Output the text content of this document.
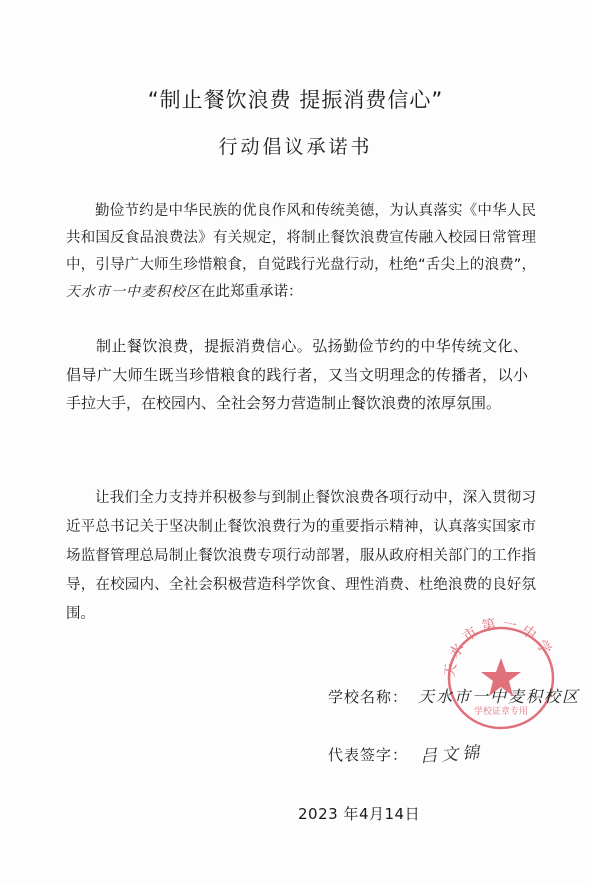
“制止餐饮浪费 提振消费信心”
行动倡议承诺书
勤俭节约是中华民族的优良作风和传统美德，为认真落实《中华人民共和国反食品浪费法》有关规定，将制止餐饮浪费宣传融入校园日常管理中，引导广大师生珍惜粮食，自觉践行光盘行动，杜绝“舌尖上的浪费”，天水市一中麦积校区在此郑重承诺：
制止餐饮浪费，提振消费信心。弘扬勤俭节约的中华传统文化、倡导广大师生既当珍惜粮食的践行者，又当文明理念的传播者，以小手拉大手，在校园内、全社会努力营造制止餐饮浪费的浓厚氛围。
让我们全力支持并积极参与到制止餐饮浪费各项行动中，深入贯彻习近平总书记关于坚决制止餐饮浪费行为的重要指示精神，认真落实国家市场监督管理总局制止餐饮浪费专项行动部署，服从政府相关部门的工作指导，在校园内、全社会积极营造科学饮食、理性消费、杜绝浪费的良好氛围。
天水市第一中学
学校证章专用
学校名称： 天水市一中麦积校区
代表签字： 吕文锦
2023 年4月14日
